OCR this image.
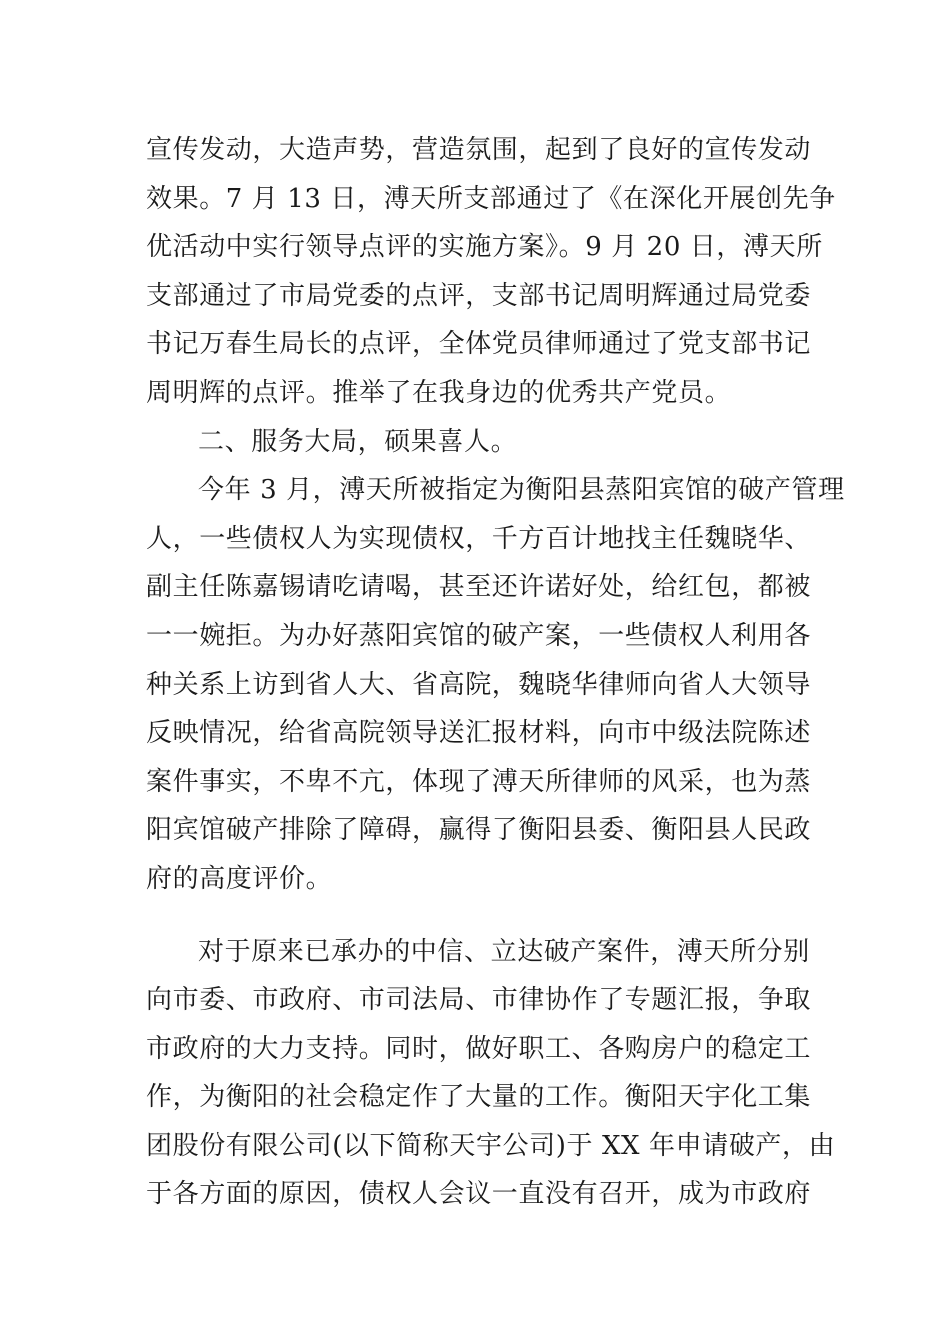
宣传发动，大造声势，营造氛围，起到了良好的宣传发动
效果。7 月 13 日，溥天所支部通过了《在深化开展创先争
优活动中实行领导点评的实施方案》。9 月 20 日，溥天所
支部通过了市局党委的点评，支部书记周明辉通过局党委
书记万春生局长的点评，全体党员律师通过了党支部书记
周明辉的点评。推举了在我身边的优秀共产党员。
二、服务大局，硕果喜人。
今年 3 月，溥天所被指定为衡阳县蒸阳宾馆的破产管理
人，一些债权人为实现债权，千方百计地找主任魏晓华、
副主任陈嘉锡请吃请喝，甚至还许诺好处，给红包，都被
一一婉拒。为办好蒸阳宾馆的破产案，一些债权人利用各
种关系上访到省人大、省高院，魏晓华律师向省人大领导
反映情况，给省高院领导送汇报材料，向市中级法院陈述
案件事实，不卑不亢，体现了溥天所律师的风采，也为蒸
阳宾馆破产排除了障碍，赢得了衡阳县委、衡阳县人民政
府的高度评价。
对于原来已承办的中信、立达破产案件，溥天所分别
向市委、市政府、市司法局、市律协作了专题汇报，争取
市政府的大力支持。同时，做好职工、各购房户的稳定工
作，为衡阳的社会稳定作了大量的工作。衡阳天宇化工集
团股份有限公司(以下简称天宇公司)于 XX 年申请破产，由
于各方面的原因，债权人会议一直没有召开，成为市政府
